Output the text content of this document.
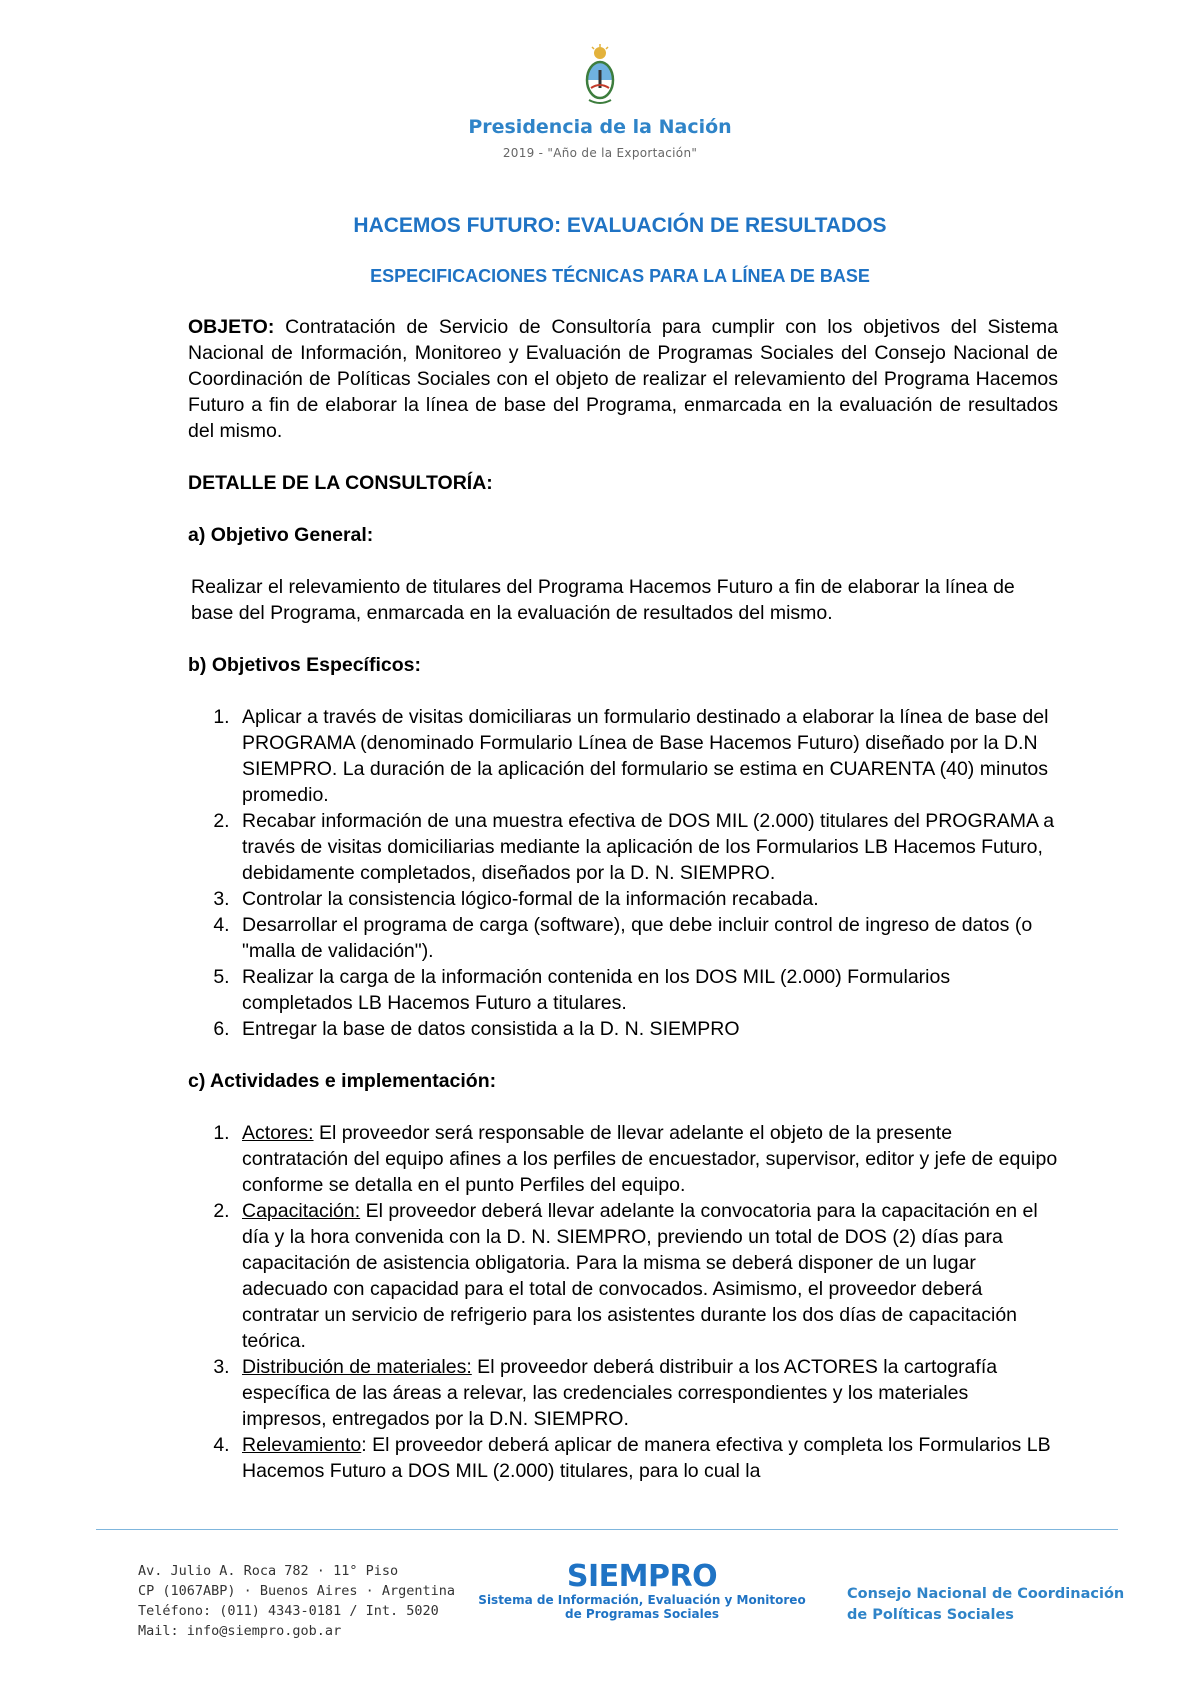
Presidencia de la Nación
2019 - "Año de la Exportación"
HACEMOS FUTURO: EVALUACIÓN DE RESULTADOS
ESPECIFICACIONES TÉCNICAS PARA LA LÍNEA DE BASE

OBJETO: Contratación de Servicio de Consultoría para cumplir con los objetivos del Sistema Nacional de Información, Monitoreo y Evaluación de Programas Sociales del Consejo Nacional de Coordinación de Políticas Sociales con el objeto de realizar el relevamiento del Programa Hacemos Futuro a fin de elaborar la línea de base del Programa, enmarcada en la evaluación de resultados del mismo.

DETALLE DE LA CONSULTORÍA:

a) Objetivo General:

Realizar el relevamiento de titulares del Programa Hacemos Futuro a fin de elaborar la línea de base del Programa, enmarcada en la evaluación de resultados del mismo.

b) Objetivos Específicos:

1. Aplicar a través de visitas domiciliaras un formulario destinado a elaborar la línea de base del PROGRAMA (denominado Formulario Línea de Base Hacemos Futuro) diseñado por la D.N SIEMPRO. La duración de la aplicación del formulario se estima en CUARENTA (40) minutos promedio.
2. Recabar información de una muestra efectiva de DOS MIL (2.000) titulares del PROGRAMA a través de visitas domiciliarias mediante la aplicación de los Formularios LB Hacemos Futuro, debidamente completados, diseñados por la D. N. SIEMPRO.
3. Controlar la consistencia lógico-formal de la información recabada.
4. Desarrollar el programa de carga (software), que debe incluir control de ingreso de datos (o "malla de validación").
5. Realizar la carga de la información contenida en los DOS MIL (2.000) Formularios completados LB Hacemos Futuro a titulares.
6. Entregar la base de datos consistida a la D. N. SIEMPRO

c) Actividades e implementación:

1. Actores: El proveedor será responsable de llevar adelante el objeto de la presente contratación del equipo afines a los perfiles de encuestador, supervisor, editor y jefe de equipo conforme se detalla en el punto Perfiles del equipo.
2. Capacitación: El proveedor deberá llevar adelante la convocatoria para la capacitación en el día y la hora convenida con la D. N. SIEMPRO, previendo un total de DOS (2) días para capacitación de asistencia obligatoria. Para la misma se deberá disponer de un lugar adecuado con capacidad para el total de convocados. Asimismo, el proveedor deberá contratar un servicio de refrigerio para los asistentes durante los dos días de capacitación teórica.
3. Distribución de materiales: El proveedor deberá distribuir a los ACTORES la cartografía específica de las áreas a relevar, las credenciales correspondientes y los materiales impresos, entregados por la D.N. SIEMPRO.
4. Relevamiento: El proveedor deberá aplicar de manera efectiva y completa los Formularios LB Hacemos Futuro a DOS MIL (2.000) titulares, para lo cual la
Av. Julio A. Roca 782 · 11° Piso
CP (1067ABP) · Buenos Aires · Argentina
Teléfono: (011) 4343-0181 / Int. 5020
Mail: info@siempro.gob.ar
SIEMPRO
Sistema de Información, Evaluación y Monitoreo
de Programas Sociales
Consejo Nacional de Coordinación
de Políticas Sociales
